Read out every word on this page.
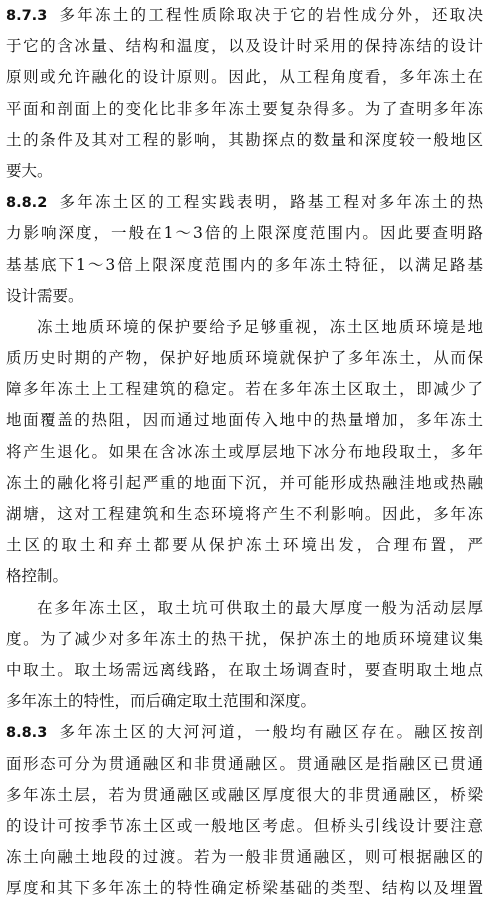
8.7.3 多年冻土的工程性质除取决于它的岩性成分外，还取决
于它的含冰量、结构和温度，以及设计时采用的保持冻结的设计
原则或允许融化的设计原则。因此，从工程角度看，多年冻土在
平面和剖面上的变化比非多年冻土要复杂得多。为了查明多年冻
土的条件及其对工程的影响，其勘探点的数量和深度较一般地区
要大。
8.8.2 多年冻土区的工程实践表明，路基工程对多年冻土的热
力影响深度，一般在1～3倍的上限深度范围内。因此要查明路
基基底下1～3倍上限深度范围内的多年冻土特征，以满足路基
设计需要。
冻土地质环境的保护要给予足够重视，冻土区地质环境是地
质历史时期的产物，保护好地质环境就保护了多年冻土，从而保
障多年冻土上工程建筑的稳定。若在多年冻土区取土，即减少了
地面覆盖的热阻，因而通过地面传入地中的热量增加，多年冻土
将产生退化。如果在含冰冻土或厚层地下冰分布地段取土，多年
冻土的融化将引起严重的地面下沉，并可能形成热融洼地或热融
湖塘，这对工程建筑和生态环境将产生不利影响。因此，多年冻
土区的取土和弃土都要从保护冻土环境出发，合理布置，严
格控制。
在多年冻土区，取土坑可供取土的最大厚度一般为活动层厚
度。为了减少对多年冻土的热干扰，保护冻土的地质环境建议集
中取土。取土场需远离线路，在取土场调查时，要查明取土地点
多年冻土的特性，而后确定取土范围和深度。
8.8.3 多年冻土区的大河河道，一般均有融区存在。融区按剖
面形态可分为贯通融区和非贯通融区。贯通融区是指融区已贯通
多年冻土层，若为贯通融区或融区厚度很大的非贯通融区，桥梁
的设计可按季节冻土区或一般地区考虑。但桥头引线设计要注意
冻土向融土地段的过渡。若为一般非贯通融区，则可根据融区的
厚度和其下多年冻土的特性确定桥梁基础的类型、结构以及埋置
